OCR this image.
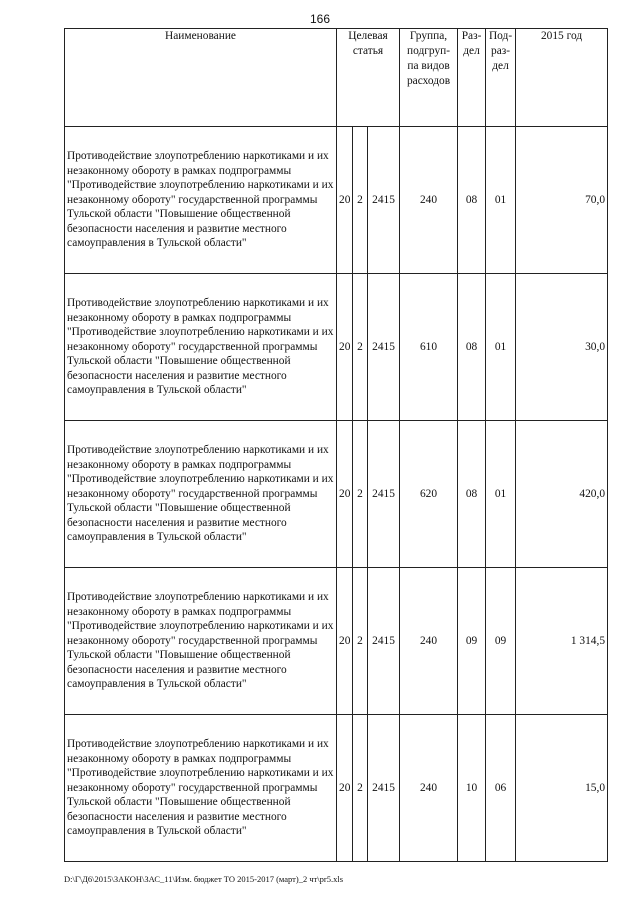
166
Наименование	Целевая статья			Группа, подгруп-па видов расходов	Раз-дел	Под-раз-дел	2015 год
Противодействие злоупотреблению наркотиками и их незаконному обороту в рамках подпрограммы "Противодействие злоупотреблению наркотиками и их незаконному обороту" государственной программы Тульской области "Повышение общественной безопасности населения и развитие местного самоуправления в Тульской области"	20	2	2415	240	08	01	70,0
Противодействие злоупотреблению наркотиками и их незаконному обороту в рамках подпрограммы "Противодействие злоупотреблению наркотиками и их незаконному обороту" государственной программы Тульской области "Повышение общественной безопасности населения и развитие местного самоуправления в Тульской области"	20	2	2415	610	08	01	30,0
Противодействие злоупотреблению наркотиками и их незаконному обороту в рамках подпрограммы "Противодействие злоупотреблению наркотиками и их незаконному обороту" государственной программы Тульской области "Повышение общественной безопасности населения и развитие местного самоуправления в Тульской области"	20	2	2415	620	08	01	420,0
Противодействие злоупотреблению наркотиками и их незаконному обороту в рамках подпрограммы "Противодействие злоупотреблению наркотиками и их незаконному обороту" государственной программы Тульской области "Повышение общественной безопасности населения и развитие местного самоуправления в Тульской области"	20	2	2415	240	09	09	1 314,5
Противодействие злоупотреблению наркотиками и их незаконному обороту в рамках подпрограммы "Противодействие злоупотреблению наркотиками и их незаконному обороту" государственной программы Тульской области "Повышение общественной безопасности населения и развитие местного самоуправления в Тульской области"	20	2	2415	240	10	06	15,0
D:\Г\Д6\2015\ЗАКОН\ЗАС_11\Изм. бюджет ТО 2015-2017 (март)_2 чт\pr5.xls
